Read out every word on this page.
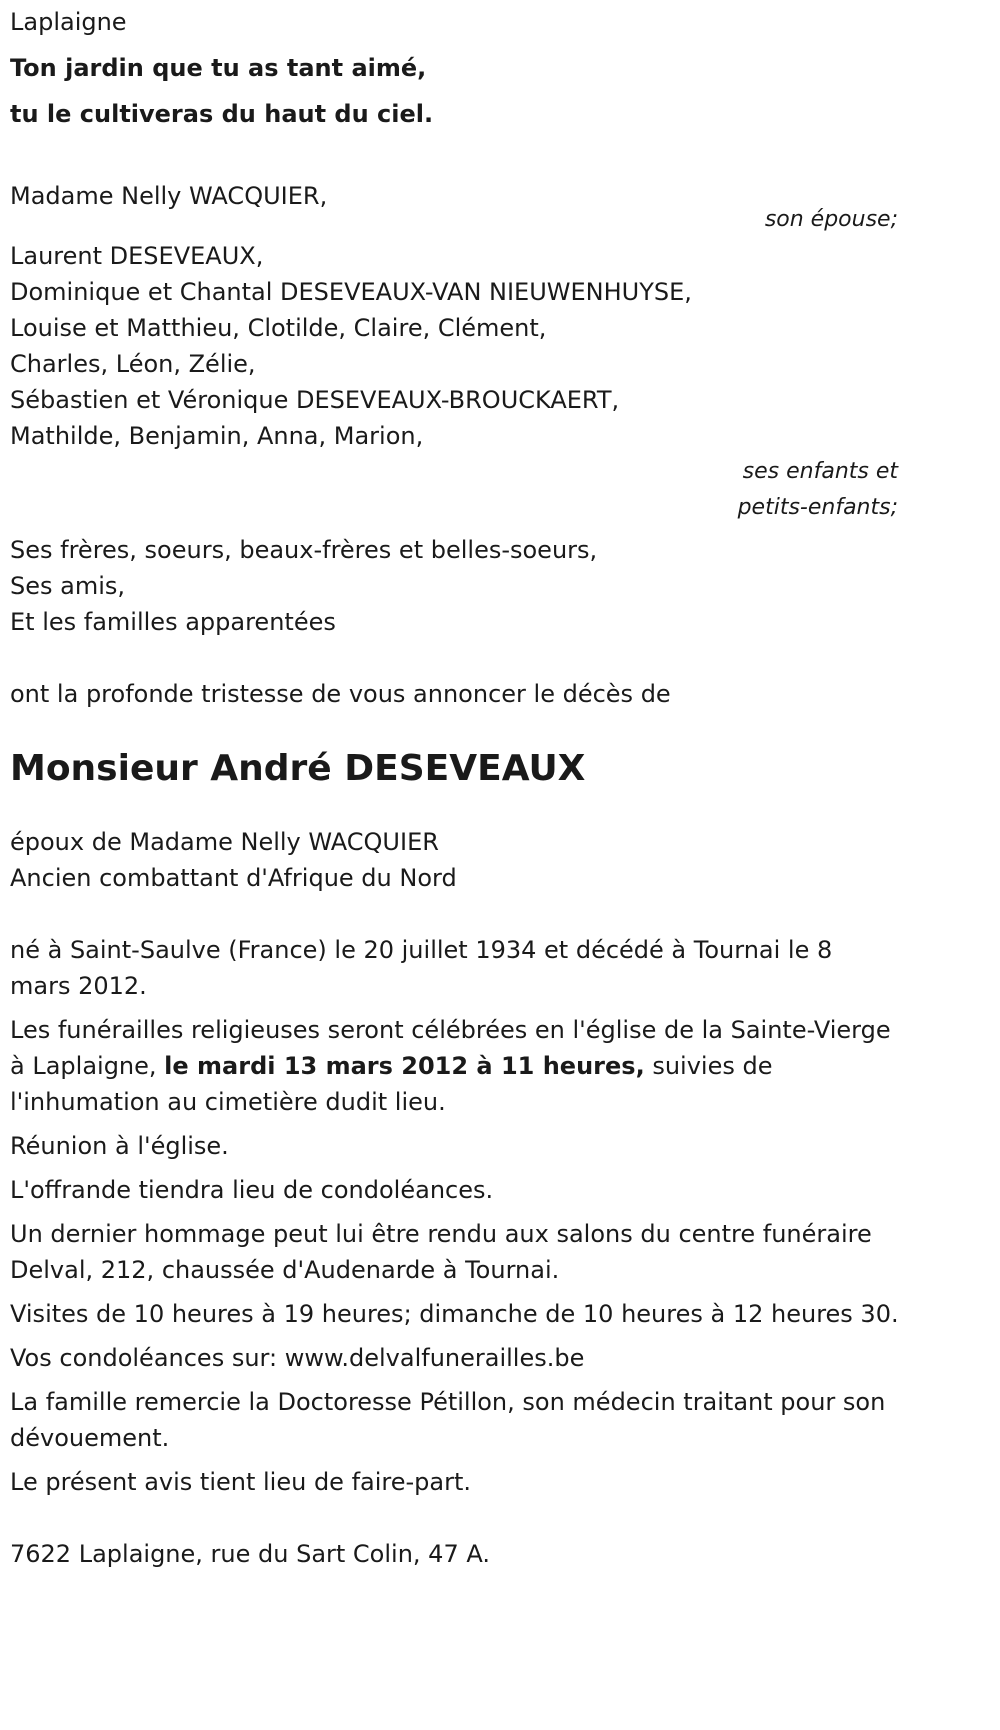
Laplaigne
Ton jardin que tu as tant aimé,
tu le cultiveras du haut du ciel.
Madame Nelly WACQUIER,
son épouse;
Laurent DESEVEAUX,
Dominique et Chantal DESEVEAUX-VAN NIEUWENHUYSE,
Louise et Matthieu, Clotilde, Claire, Clément,
Charles, Léon, Zélie,
Sébastien et Véronique DESEVEAUX-BROUCKAERT,
Mathilde, Benjamin, Anna, Marion,
ses enfants et
petits-enfants;
Ses frères, soeurs, beaux-frères et belles-soeurs,
Ses amis,
Et les familles apparentées
ont la profonde tristesse de vous annoncer le décès de
Monsieur André DESEVEAUX
époux de Madame Nelly WACQUIER
Ancien combattant d'Afrique du Nord
né à Saint-Saulve (France) le 20 juillet 1934 et décédé à Tournai le 8 mars 2012.
Les funérailles religieuses seront célébrées en l'église de la Sainte-Vierge à Laplaigne, le mardi 13 mars 2012 à 11 heures, suivies de l'inhumation au cimetière dudit lieu.
Réunion à l'église.
L'offrande tiendra lieu de condoléances.
Un dernier hommage peut lui être rendu aux salons du centre funéraire Delval, 212, chaussée d'Audenarde à Tournai.
Visites de 10 heures à 19 heures; dimanche de 10 heures à 12 heures 30.
Vos condoléances sur: www.delvalfunerailles.be
La famille remercie la Doctoresse Pétillon, son médecin traitant pour son dévouement.
Le présent avis tient lieu de faire-part.
7622 Laplaigne, rue du Sart Colin, 47 A.
